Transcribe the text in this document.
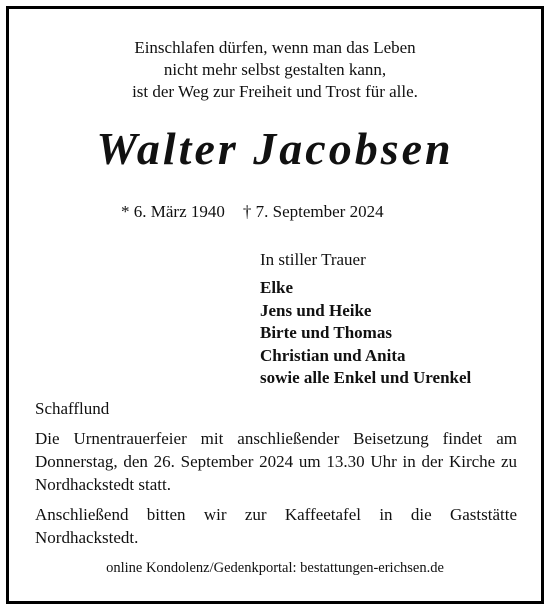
Einschlafen dürfen, wenn man das Leben
nicht mehr selbst gestalten kann,
ist der Weg zur Freiheit und Trost für alle.
Walter Jacobsen
* 6. März 1940 † 7. September 2024
In stiller Trauer
Elke
Jens und Heike
Birte und Thomas
Christian und Anita
sowie alle Enkel und Urenkel
Schafflund
Die Urnentrauerfeier mit anschließender Beisetzung findet am Donnerstag, den 26. September 2024 um 13.30 Uhr in der Kirche zu Nordhackstedt statt.
Anschließend bitten wir zur Kaffeetafel in die Gaststätte Nordhackstedt.
online Kondolenz/Gedenkportal: bestattungen-erichsen.de
